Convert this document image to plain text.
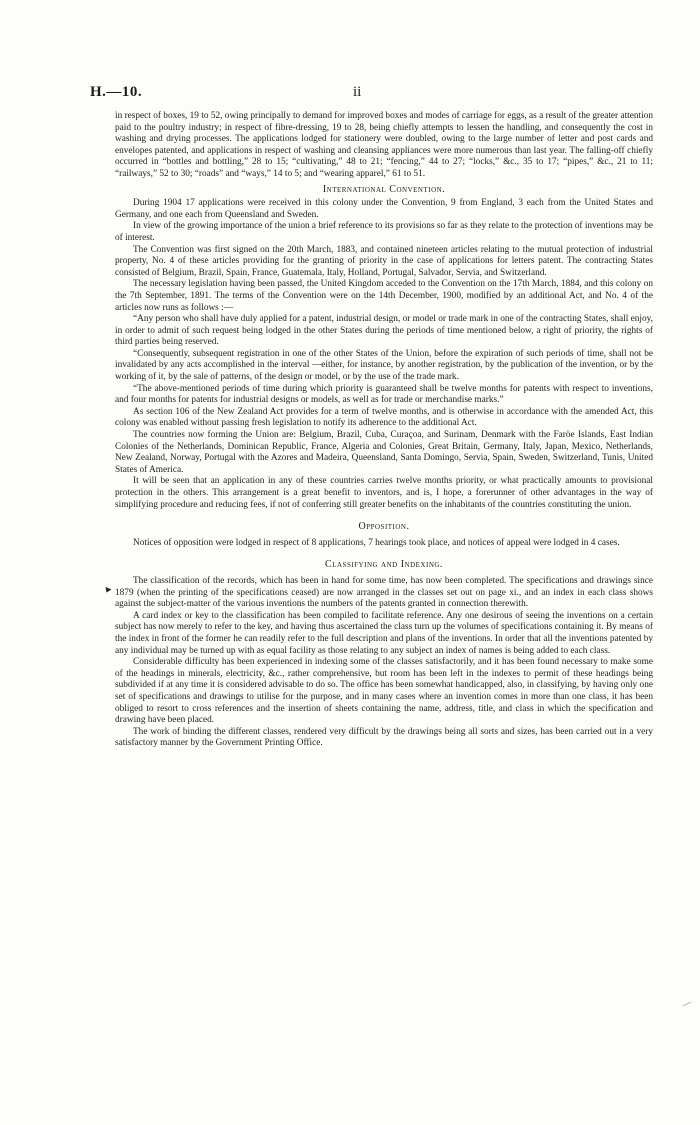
H.—10.	ii

in respect of boxes, 19 to 52, owing principally to demand for improved boxes and modes of carriage for eggs, as a result of the greater attention paid to the poultry industry; in respect of fibre-dressing, 19 to 28, being chiefly attempts to lessen the handling, and consequently the cost in washing and drying processes. The applications lodged for stationery were doubled, owing to the large number of letter and post cards and envelopes patented, and applications in respect of washing and cleansing appliances were more numerous than last year. The falling-off chiefly occurred in “bottles and bottling,” 28 to 15; “cultivating,” 48 to 21; “fencing,” 44 to 27; “locks,” &c., 35 to 17; “pipes,” &c., 21 to 11; “railways,” 52 to 30; “roads” and “ways,” 14 to 5; and “wearing apparel,” 61 to 51.

International Convention.

During 1904 17 applications were received in this colony under the Convention, 9 from England, 3 each from the United States and Germany, and one each from Queensland and Sweden.

In view of the growing importance of the union a brief reference to its provisions so far as they relate to the protection of inventions may be of interest.

The Convention was first signed on the 20th March, 1883, and contained nineteen articles relating to the mutual protection of industrial property, No. 4 of these articles providing for the granting of priority in the case of applications for letters patent. The contracting States consisted of Belgium, Brazil, Spain, France, Guatemala, Italy, Holland, Portugal, Salvador, Servia, and Switzerland.

The necessary legislation having been passed, the United Kingdom acceded to the Convention on the 17th March, 1884, and this colony on the 7th September, 1891. The terms of the Convention were on the 14th December, 1900, modified by an additional Act, and No. 4 of the articles now runs as follows :—

“Any person who shall have duly applied for a patent, industrial design, or model or trade mark in one of the contracting States, shall enjoy, in order to admit of such request being lodged in the other States during the periods of time mentioned below, a right of priority, the rights of third parties being reserved.

“Consequently, subsequent registration in one of the other States of the Union, before the expiration of such periods of time, shall not be invalidated by any acts accomplished in the interval —either, for instance, by another registration, by the publication of the invention, or by the working of it, by the sale of patterns, of the design or model, or by the use of the trade mark.

“The above-mentioned periods of time during which priority is guaranteed shall be twelve months for patents with respect to inventions, and four months for patents for industrial designs or models, as well as for trade or merchandise marks.”

As section 106 of the New Zealand Act provides for a term of twelve months, and is otherwise in accordance with the amended Act, this colony was enabled without passing fresh legislation to notify its adherence to the additional Act.

The countries now forming the Union are: Belgium, Brazil, Cuba, Curaçoa, and Surinam, Denmark with the Faröe Islands, East Indian Colonies of the Netherlands, Dominican Republic, France, Algeria and Colonies, Great Britain, Germany, Italy, Japan, Mexico, Netherlands, New Zealand, Norway, Portugal with the Azores and Madeira, Queensland, Santa Domingo, Servia, Spain, Sweden, Switzerland, Tunis, United States of America.

It will be seen that an application in any of these countries carries twelve months priority, or what practically amounts to provisional protection in the others. This arrangement is a great benefit to inventors, and is, I hope, a forerunner of other advantages in the way of simplifying procedure and reducing fees, if not of conferring still greater benefits on the inhabitants of the countries constituting the union.

Opposition.

Notices of opposition were lodged in respect of 8 applications, 7 hearings took place, and notices of appeal were lodged in 4 cases.

Classifying and Indexing.

The classification of the records, which has been in hand for some time, has now been completed. The specifications and drawings since 1879 (when the printing of the specifications ceased) are now arranged in the classes set out on page xi., and an index in each class shows against the subject-matter of the various inventions the numbers of the patents granted in connection therewith.

A card index or key to the classification has been compiled to facilitate reference. Any one desirous of seeing the inventions on a certain subject has now merely to refer to the key, and having thus ascertained the class turn up the volumes of specifications containing it. By means of the index in front of the former he can readily refer to the full description and plans of the inventions. In order that all the inventions patented by any individual may be turned up with as equal facility as those relating to any subject an index of names is being added to each class.

Considerable difficulty has been experienced in indexing some of the classes satisfactorily, and it has been found necessary to make some of the headings in minerals, electricity, &c., rather comprehensive, but room has been left in the indexes to permit of these headings being subdivided if at any time it is considered advisable to do so. The office has been somewhat handicapped, also, in classifying, by having only one set of specifications and drawings to utilise for the purpose, and in many cases where an invention comes in more than one class, it has been obliged to resort to cross references and the insertion of sheets containing the name, address, title, and class in which the specification and drawing have been placed.

The work of binding the different classes, rendered very difficult by the drawings being all sorts and sizes, has been carried out in a very satisfactory manner by the Government Printing Office.
